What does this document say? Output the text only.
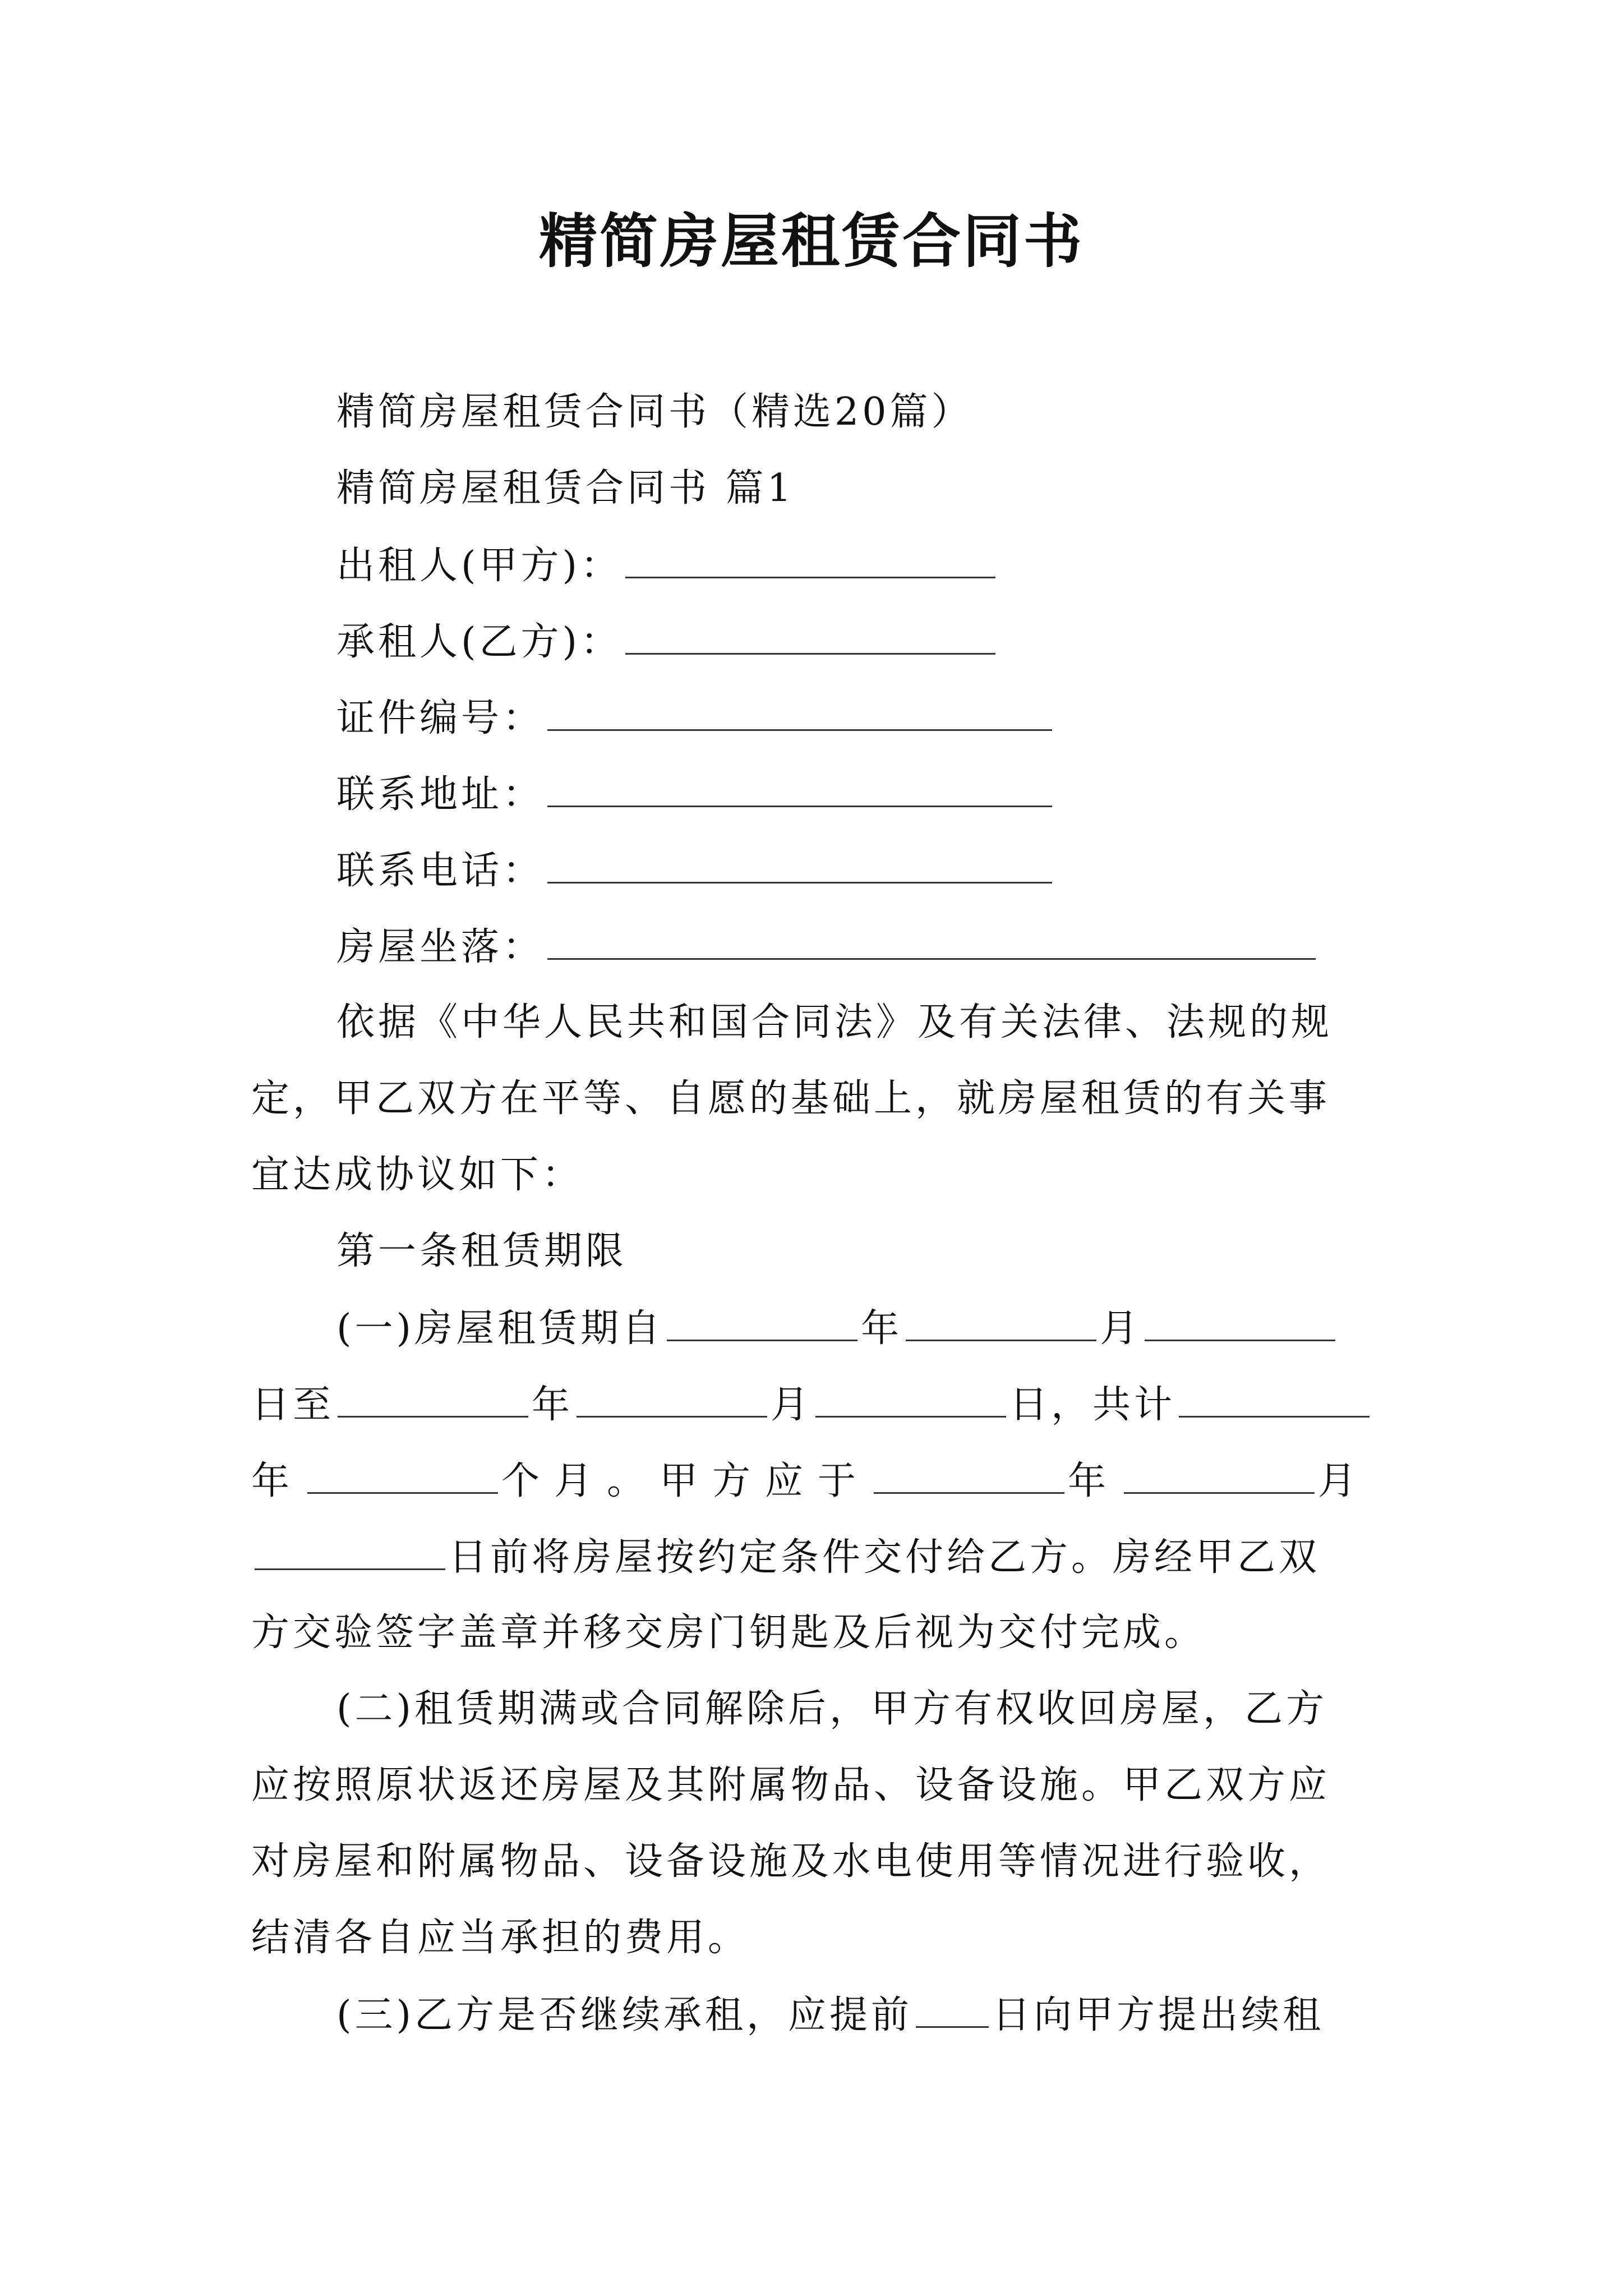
精简房屋租赁合同书

精简房屋租赁合同书（精选20篇）

精简房屋租赁合同书 篇1

出租人(甲方)：

承租人(乙方)：

证件编号：

联系地址：

联系电话：

房屋坐落：

依据《中华人民共和国合同法》及有关法律、法规的规

定，甲乙双方在平等、自愿的基础上，就房屋租赁的有关事

宜达成协议如下：

第一条租赁期限

(一)房屋租赁期自	年	月

日至	年	月	日，共计

年	个月。甲方应于	年	月

日前将房屋按约定条件交付给乙方。房经甲乙双

方交验签字盖章并移交房门钥匙及后视为交付完成。

(二)租赁期满或合同解除后，甲方有权收回房屋，乙方

应按照原状返还房屋及其附属物品、设备设施。甲乙双方应

对房屋和附属物品、设备设施及水电使用等情况进行验收，

结清各自应当承担的费用。

(三)乙方是否继续承租，应提前 日向甲方提出续租
